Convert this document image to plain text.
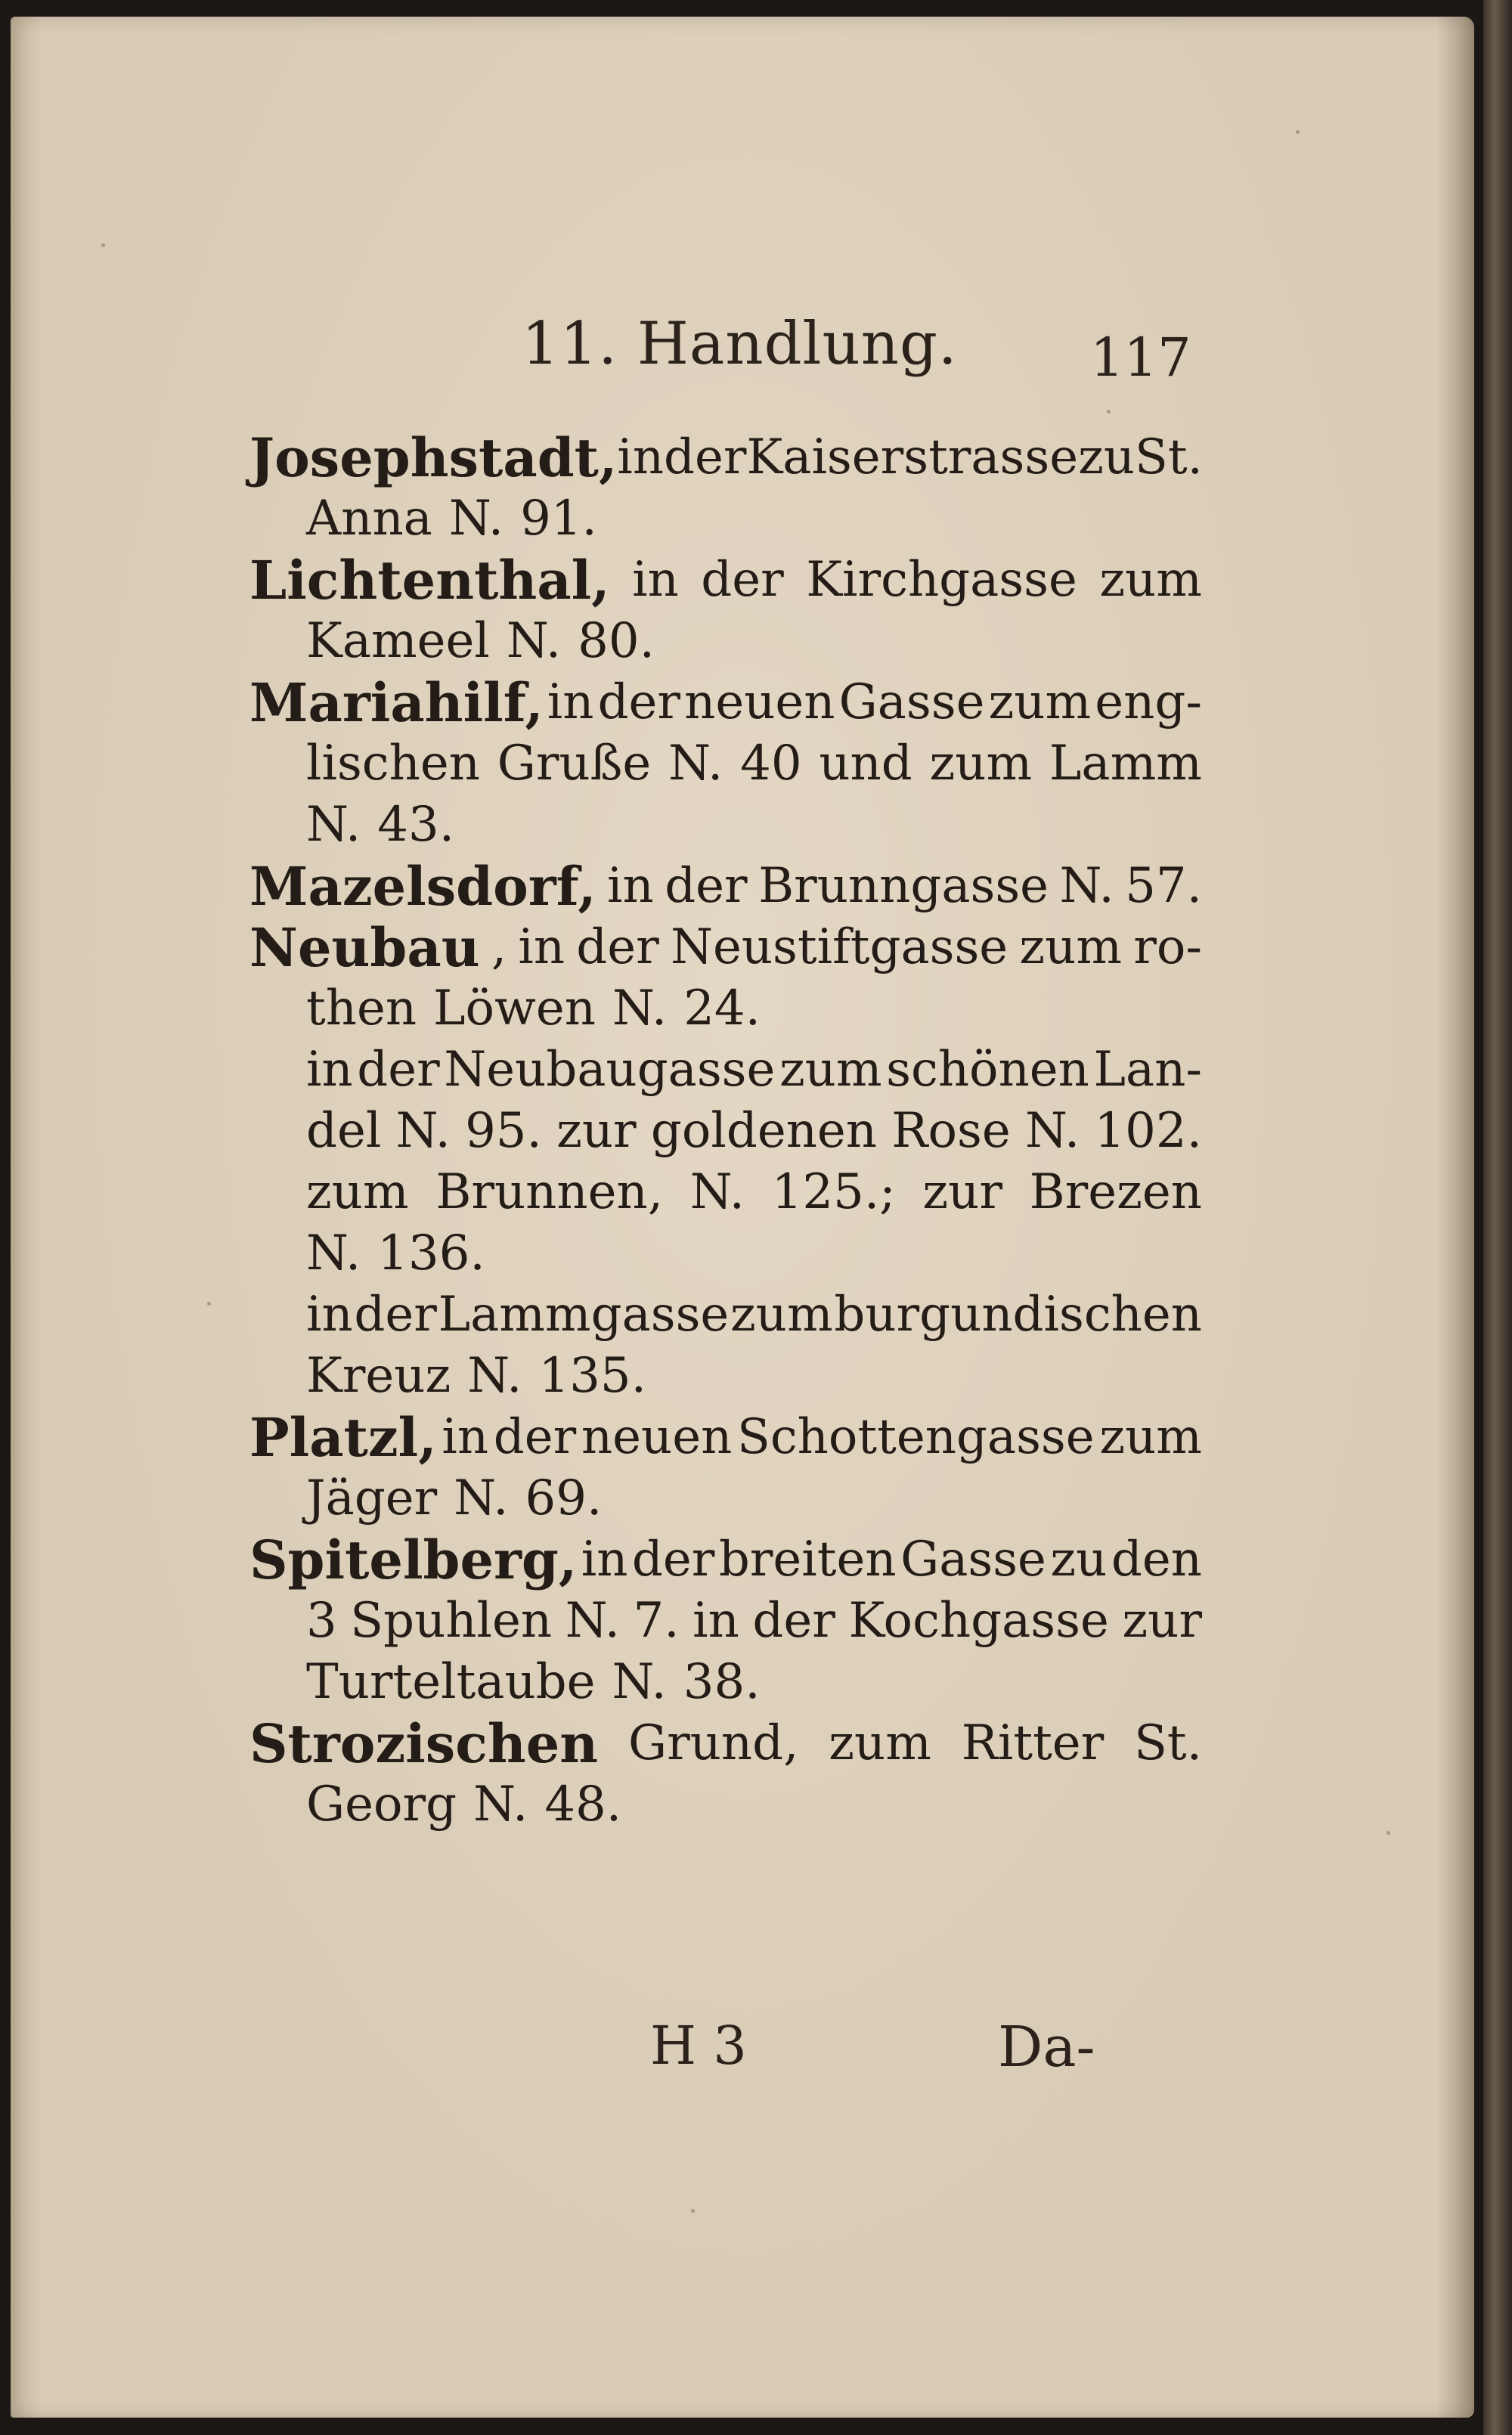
11. Handlung.	117
Josephstadt, in der Kaiserstrasse zu St.
Anna N. 91.
Lichtenthal, in der Kirchgasse zum
Kameel N. 80.
Mariahilf, in der neuen Gasse zum eng-
lischen Gruße N. 40 und zum Lamm
N. 43.
Mazelsdorf, in der Brunngasse N. 57.
Neubau , in der Neustiftgasse zum ro-
then Löwen N. 24.
in der Neubaugasse zum schönen Lan-
del N. 95. zur goldenen Rose N. 102.
zum Brunnen, N. 125.; zur Brezen
N. 136.
in der Lammgasse zum burgundischen
Kreuz N. 135.
Platzl, in der neuen Schottengasse zum
Jäger N. 69.
Spitelberg, in der breiten Gasse zu den
3 Spuhlen N. 7. in der Kochgasse zur
Turteltaube N. 38.
Strozischen Grund, zum Ritter St.
Georg N. 48.
H 3	Da-
